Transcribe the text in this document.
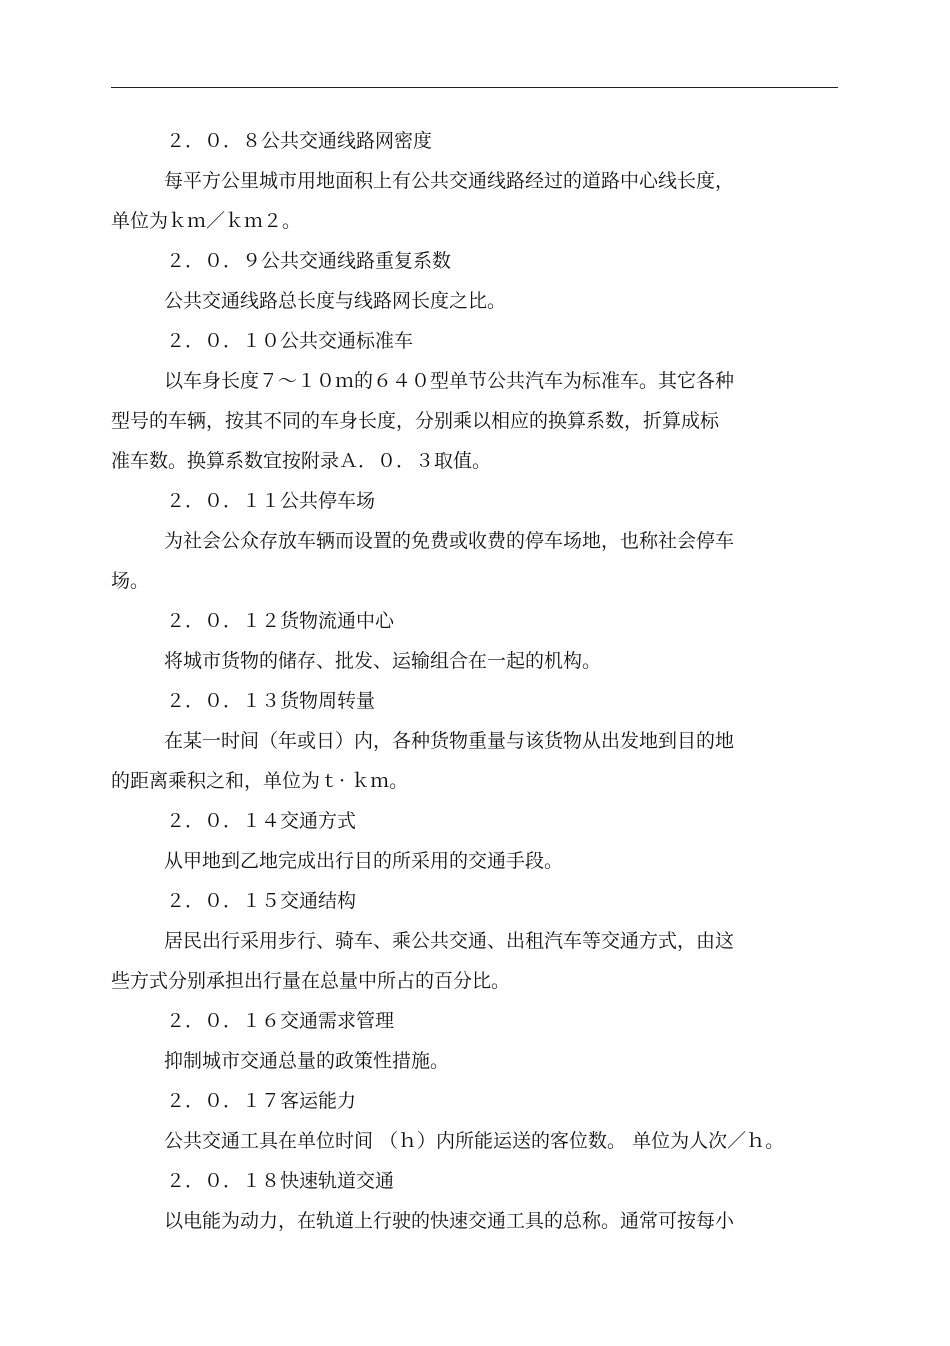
２．０．８公共交通线路网密度
每平方公里城市用地面积上有公共交通线路经过的道路中心线长度，
单位为ｋｍ／ｋｍ２。
２．０．９公共交通线路重复系数
公共交通线路总长度与线路网长度之比。
２．０．１０公共交通标准车
以车身长度７～１０ｍ的６４０型单节公共汽车为标准车。其它各种
型号的车辆，按其不同的车身长度，分别乘以相应的换算系数，折算成标
准车数。换算系数宜按附录Ａ．０．３取值。
２．０．１１公共停车场
为社会公众存放车辆而设置的免费或收费的停车场地，也称社会停车
场。
２．０．１２货物流通中心
将城市货物的储存、批发、运输组合在一起的机构。
２．０．１３货物周转量
在某一时间（年或日）内，各种货物重量与该货物从出发地到目的地
的距离乘积之和，单位为ｔ· ｋｍ。
２．０．１４交通方式
从甲地到乙地完成出行目的所采用的交通手段。
２．０．１５交通结构
居民出行采用步行、骑车、乘公共交通、出租汽车等交通方式，由这
些方式分别承担出行量在总量中所占的百分比。
２．０．１６交通需求管理
抑制城市交通总量的政策性措施。
２．０．１７客运能力
公共交通工具在单位时间 （ｈ）内所能运送的客位数。 单位为人次／ｈ。
２．０．１８快速轨道交通
以电能为动力，在轨道上行驶的快速交通工具的总称。通常可按每小
